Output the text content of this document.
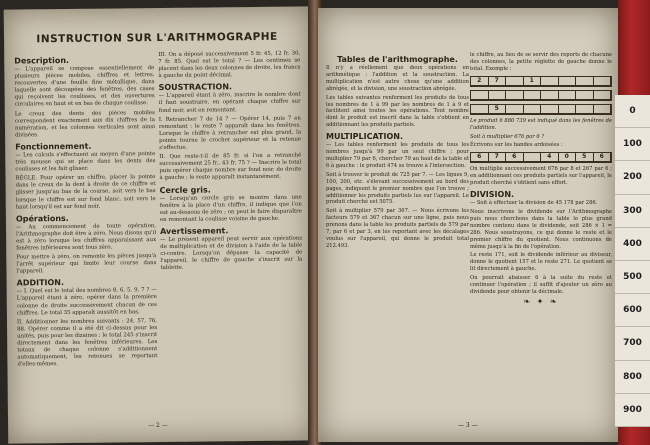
INSTRUCTION SUR L'ARITHMOGRAPHE
Description.
— L'appareil se compose essentiellement de plusieurs pièces mobiles, chiffres et lettres, recouvertes d'une feuille fine métallique, dans laquelle sont découpées des fenêtres, des cases qui reçoivent les coulisses, et des ouvertures circulaires en haut et en bas de chaque coulisse.
Le creux des dents des pièces mobiles correspondent exactement aux dix chiffres de la numération, et les colonnes verticales sont ainsi divisées.
Fonctionnement.
— Les calculs s'effectuent au moyen d'une pointe très mousse qui se place dans les dents des coulisses et les fait glisser.
RÈGLE. Pour opérer un chiffre, placer la pointe dans le creux de la dent à droite de ce chiffre et glisser jusqu'au bas de la course, soit vers le bas lorsque le chiffre est sur fond blanc, soit vers le haut lorsqu'il est sur fond noir.
Opérations.
— Au commencement de toute opération, l'Arithmographe doit être à zéro. Nous disons qu'il est à zéro lorsque les chiffres apparaissant aux fenêtres inférieures sont tous zéro.
Pour mettre à zéro, on remonte les pièces jusqu'à l'arrêt supérieur qui limite leur course dans l'appareil.
ADDITION.
— I. Quel est le total des nombres 8, 6, 5, 9, 7 ? — L'appareil étant à zéro, opérer dans la première colonne de droite successivement chacun de ces chiffres. Le total 35 apparaît aussitôt en bas.
II. Additionner les nombres suivants : 24, 57, 76, 88. Opérer comme il a été dit ci-dessus pour les unités, puis pour les dizaines : le total 245 s'inscrit directement dans les fenêtres inférieures. Les totaux de chaque colonne s'additionnent automatiquement, les retenues se reportant d'elles-mêmes.
III. On a déposé successivement 5 fr. 45, 12 fr. 30, 7 fr. 85. Quel est le total ? — Les centimes se placent dans les deux colonnes de droite, les francs à gauche du point décimal.
SOUSTRACTION.
— L'appareil étant à zéro, inscrire le nombre dont il faut soustraire, en opérant chaque chiffre sur fond noir, soit en remontant.
I. Retrancher 7 de 14 ? — Opérer 14, puis 7 en remontant : le reste 7 apparaît dans les fenêtres. Lorsque le chiffre à retrancher est plus grand, la pointe tourne le crochet supérieur et la retenue s'effectue.
II. Que reste-t-il de 85 fr. si l'on a retranché successivement 25 fr., 43 fr. 75 ? — Inscrire le total puis opérer chaque nombre sur fond noir, de droite à gauche ; le reste apparaît instantanément.
Cercle gris.
— Lorsqu'un cercle gris se montre dans une fenêtre à la place d'un chiffre, il indique que l'on est au-dessous de zéro ; on peut le faire disparaître en remontant la coulisse voisine de gauche.
Avertissement.
— Le présent appareil peut servir aux opérations de multiplication et de division à l'aide de la table ci-contre. Lorsqu'on dépasse la capacité de l'appareil, le chiffre de gauche s'inscrit sur la tablette.
— 2 —
Tables de l'arithmographe.
Il n'y a réellement que deux opérations en arithmétique : l'addition et la soustraction. La multiplication n'est autre chose qu'une addition abrégée, et la division, une soustraction abrégée.
Les tables suivantes renferment les produits de tous les nombres de 1 à 99 par les nombres de 1 à 9 et facilitent ainsi toutes les opérations. Tout nombre dont le produit est inscrit dans la table s'obtient en additionnant les produits partiels.
MULTIPLICATION.
— Les tables renferment les produits de tous les nombres jusqu'à 99 par un seul chiffre ; pour multiplier 79 par 6, chercher 79 au haut de la table et 6 à gauche : le produit 474 se trouve à l'intersection.
Soit à trouver le produit de 725 par 7. — Les ligues 9, 100, 200, etc. s'élevant successivement au bord des pages, indiquent le premier nombre que l'on trouve ; additionner les produits partiels lus sur l'appareil. Le produit cherché est 5075.
Soit à multiplier 579 par 367. — Nous écrivons les facteurs 579 et 367 chacun sur une ligne, puis nous prenons dans la table les produits partiels de 579 par 7, par 6 et par 3, en les reportant avec les décalages voulus sur l'appareil, qui donne le produit total 212.493.
le chiffre, au lieu de se servir des reports de chacune des colonnes, la petite réglette de gauche donne le total. Exemple :
2	7	1
5
Le produit 6 880 739 est indiqué dans les fenêtres de l'addition.
Soit à multiplier 676 par 6 ?
Écrivons sur les bandes ardoisées :
6	7	6	4	0	5	6
On multiplie successivement 676 par 8 et 267 par 6 ; en additionnant ces produits partiels sur l'appareil, le produit cherché s'obtient sans effort.
DIVISION.
— Soit à effectuer la division de 45 178 par 286.
Nous inscrivons le dividende sur l'Arithmographe puis nous cherchons dans la table le plus grand nombre contenu dans le dividende, soit 286 × 1 = 286. Nous soustrayons, ce qui donne le reste et le premier chiffre du quotient. Nous continuons de même jusqu'à la fin de l'opération.
Le reste 171, soit le dividende inférieur au diviseur, donne le quotient 157 et le reste 271. Le quotient se lit directement à gauche.
Ou pourrait abaisser 6 à la suite du reste et continuer l'opération ; il suffit d'ajouter un zéro au dividende pour obtenir la décimale.
❧ ✦ ❧
— 3 —
0
100
200
300
400
500
600
700
800
900
